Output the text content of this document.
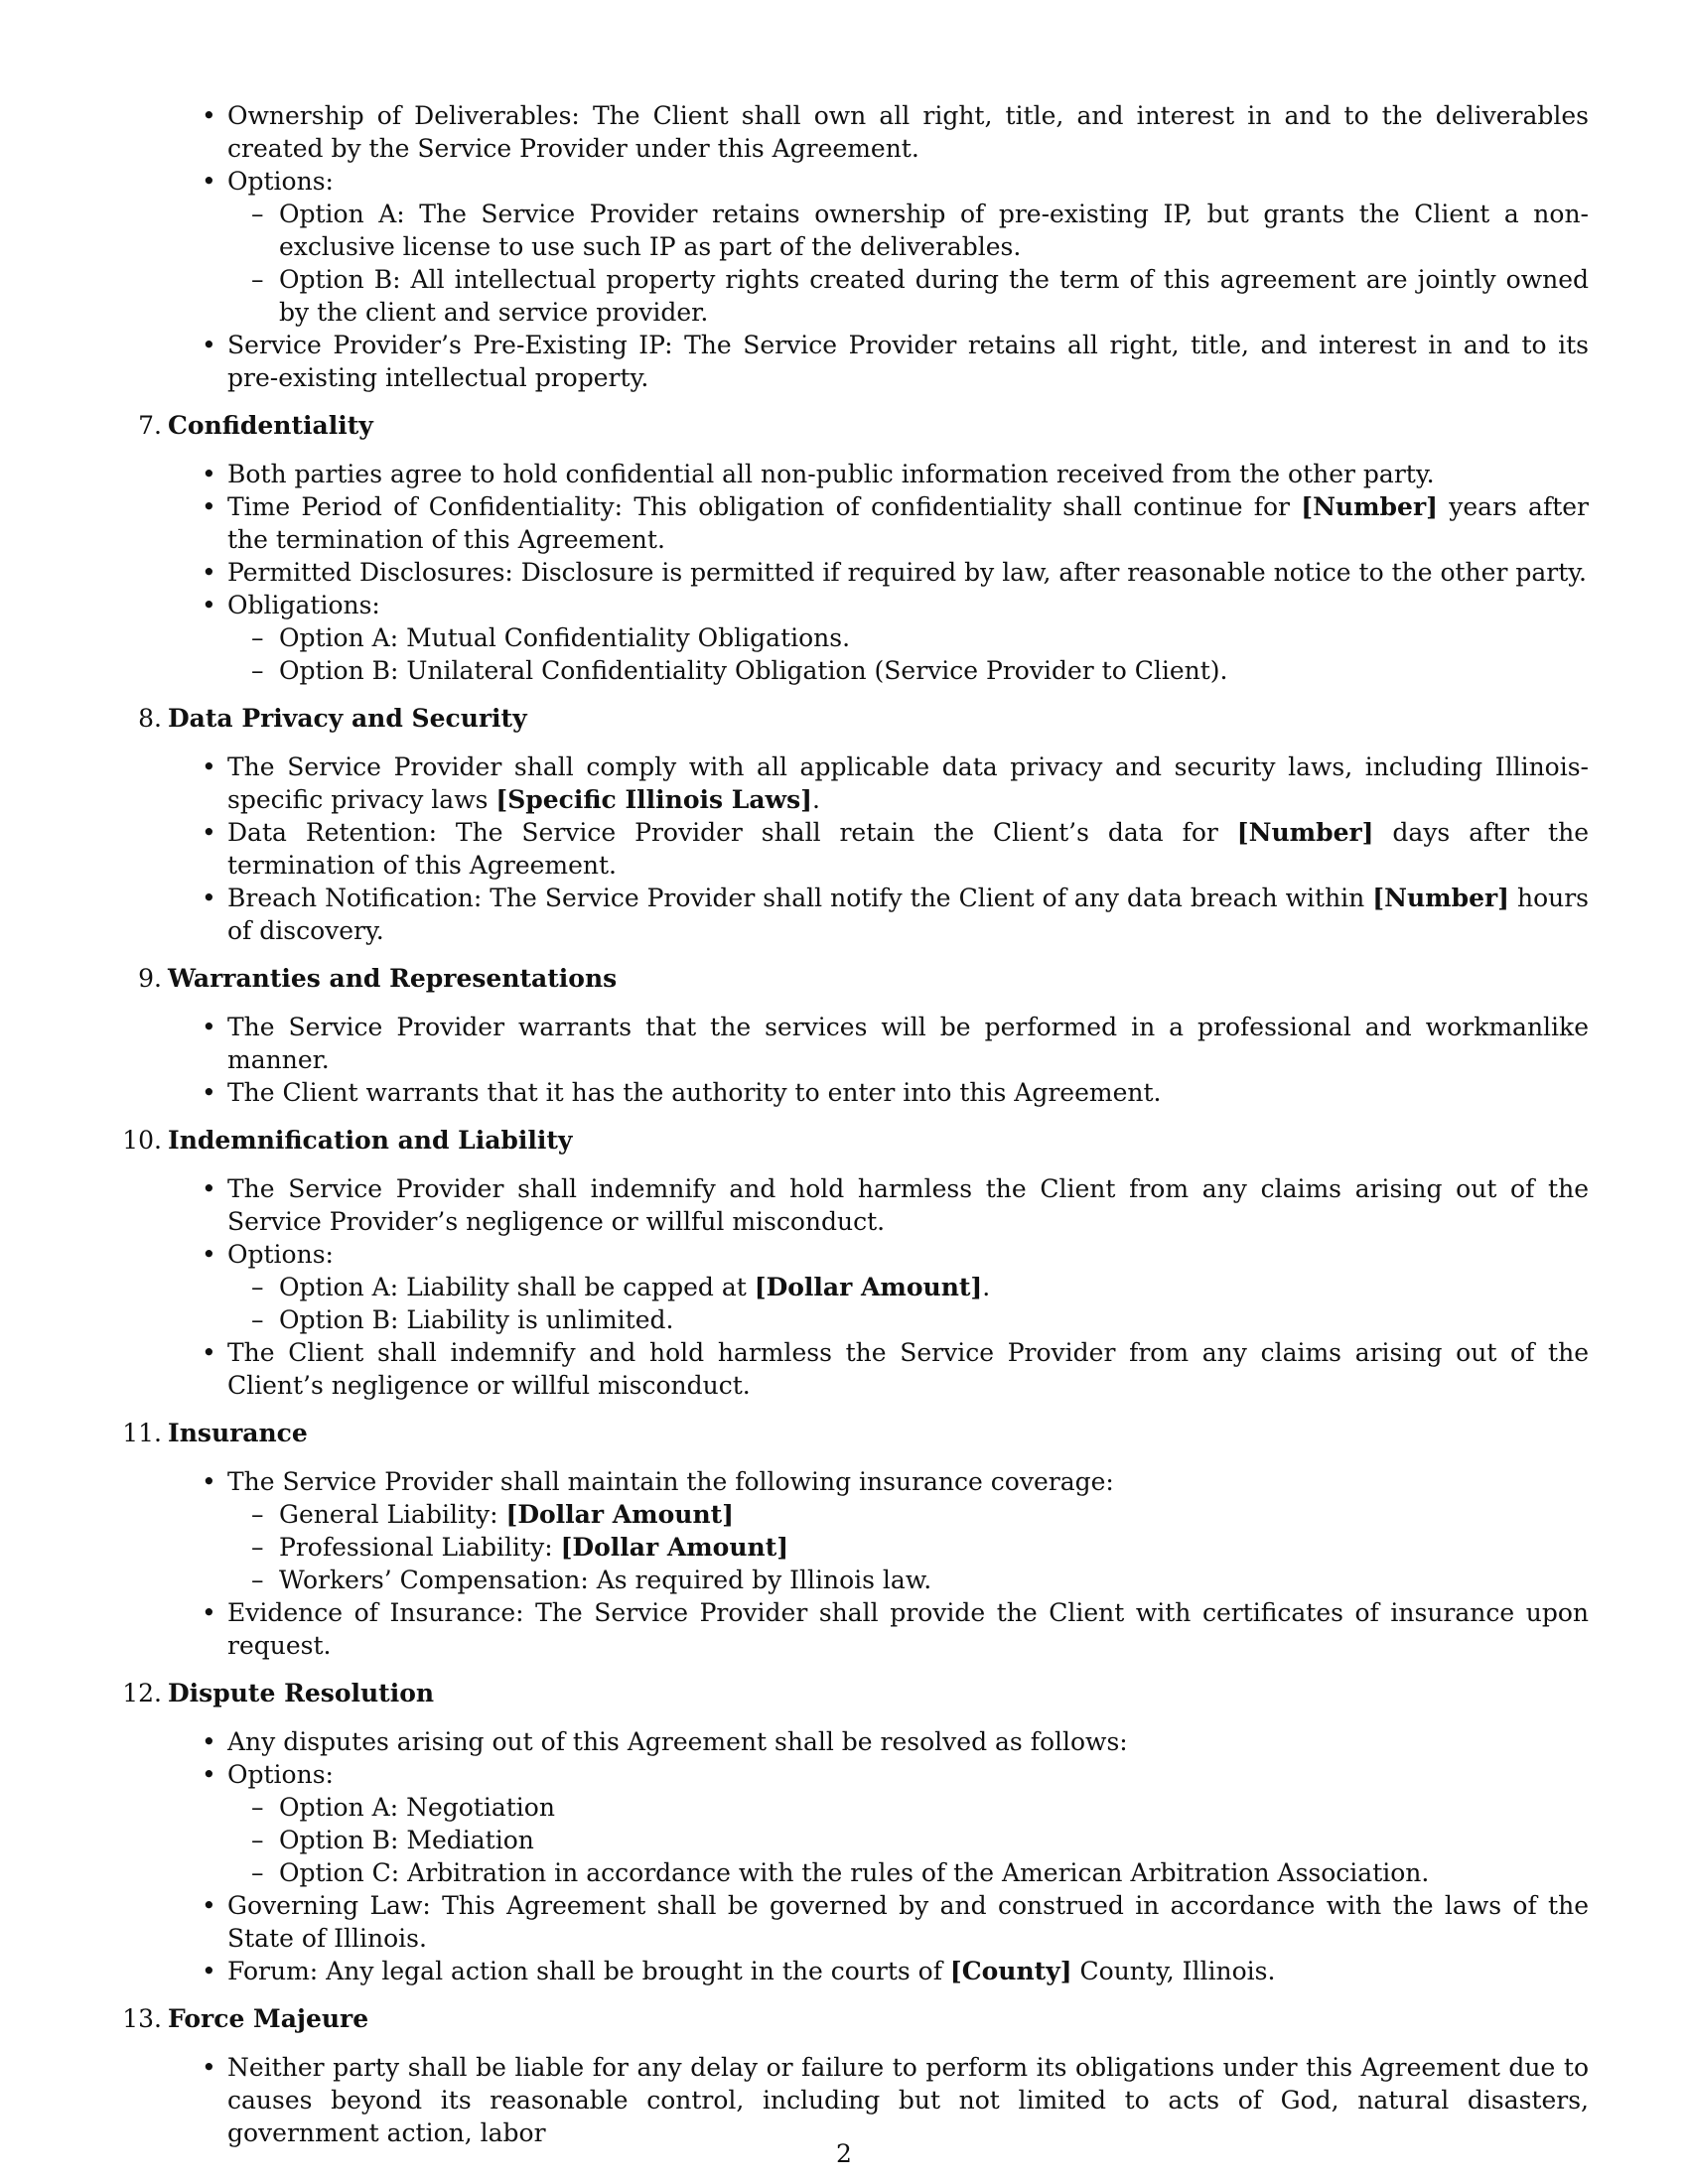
• Ownership of Deliverables: The Client shall own all right, title, and interest in and to the deliverables created by the Service Provider under this Agreement.
• Options:
– Option A: The Service Provider retains ownership of pre-existing IP, but grants the Client a non-exclusive license to use such IP as part of the deliverables.
– Option B: All intellectual property rights created during the term of this agreement are jointly owned by the client and service provider.
• Service Provider’s Pre-Existing IP: The Service Provider retains all right, title, and interest in and to its pre-existing intellectual property.
7. Confidentiality
• Both parties agree to hold confidential all non-public information received from the other party.
• Time Period of Confidentiality: This obligation of confidentiality shall continue for [Number] years after the termination of this Agreement.
• Permitted Disclosures: Disclosure is permitted if required by law, after reasonable notice to the other party.
• Obligations:
– Option A: Mutual Confidentiality Obligations.
– Option B: Unilateral Confidentiality Obligation (Service Provider to Client).
8. Data Privacy and Security
• The Service Provider shall comply with all applicable data privacy and security laws, including Illinois-specific privacy laws [Specific Illinois Laws].
• Data Retention: The Service Provider shall retain the Client’s data for [Number] days after the termination of this Agreement.
• Breach Notification: The Service Provider shall notify the Client of any data breach within [Number] hours of discovery.
9. Warranties and Representations
• The Service Provider warrants that the services will be performed in a professional and workmanlike manner.
• The Client warrants that it has the authority to enter into this Agreement.
10. Indemnification and Liability
• The Service Provider shall indemnify and hold harmless the Client from any claims arising out of the Service Provider’s negligence or willful misconduct.
• Options:
– Option A: Liability shall be capped at [Dollar Amount].
– Option B: Liability is unlimited.
• The Client shall indemnify and hold harmless the Service Provider from any claims arising out of the Client’s negligence or willful misconduct.
11. Insurance
• The Service Provider shall maintain the following insurance coverage:
– General Liability: [Dollar Amount]
– Professional Liability: [Dollar Amount]
– Workers’ Compensation: As required by Illinois law.
• Evidence of Insurance: The Service Provider shall provide the Client with certificates of insurance upon request.
12. Dispute Resolution
• Any disputes arising out of this Agreement shall be resolved as follows:
• Options:
– Option A: Negotiation
– Option B: Mediation
– Option C: Arbitration in accordance with the rules of the American Arbitration Association.
• Governing Law: This Agreement shall be governed by and construed in accordance with the laws of the State of Illinois.
• Forum: Any legal action shall be brought in the courts of [County] County, Illinois.
13. Force Majeure
• Neither party shall be liable for any delay or failure to perform its obligations under this Agreement due to causes beyond its reasonable control, including but not limited to acts of God, natural disasters, government action, labor
2
